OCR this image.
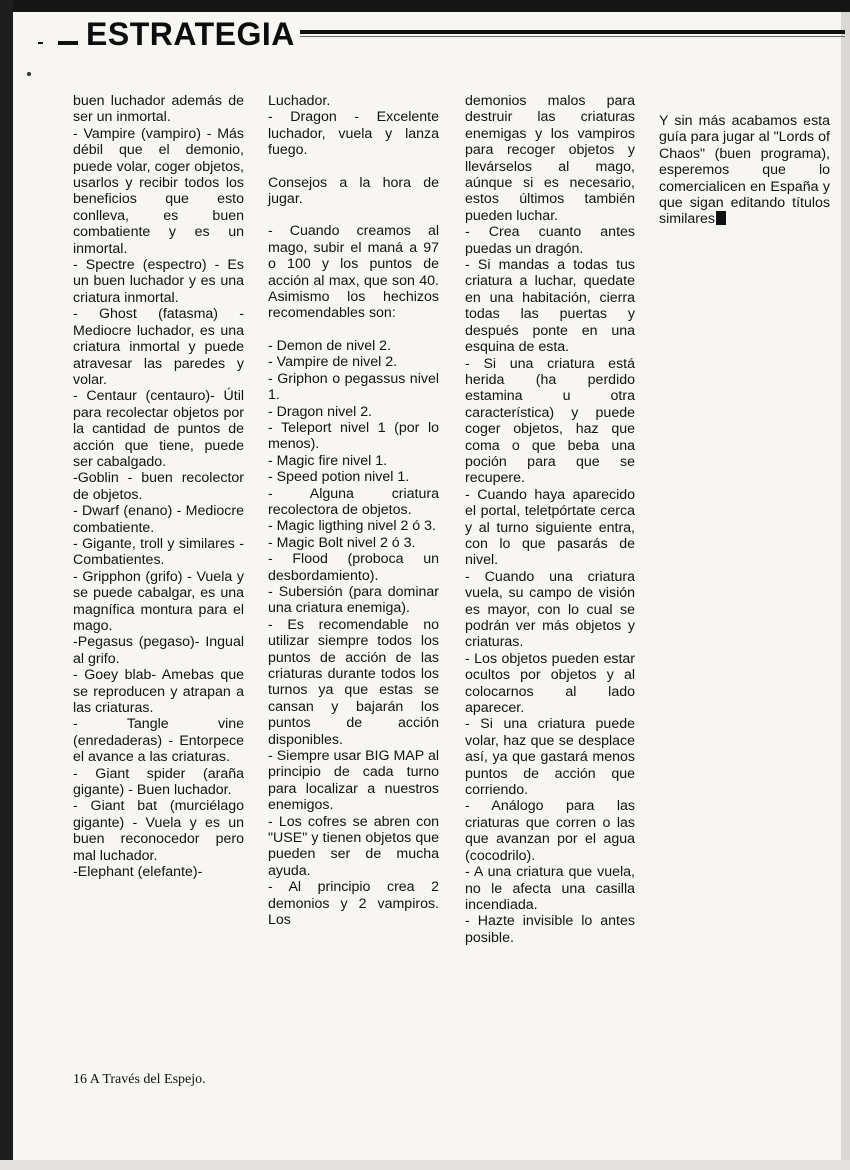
ESTRATEGIA

buen luchador además de ser un inmortal.

- Vampire (vampiro) - Más débil que el demonio, puede volar, coger objetos, usarlos y recibir todos los beneficios que esto conlleva, es buen combatiente y es un inmortal.

- Spectre (espectro) - Es un buen luchador y es una criatura inmortal.

- Ghost (fatasma) - Mediocre luchador, es una criatura inmortal y puede atravesar las paredes y volar.

- Centaur (centauro)- Útil para recolectar objetos por la cantidad de puntos de acción que tiene, puede ser cabalgado.

-Goblin - buen recolector de objetos.

- Dwarf (enano) - Mediocre combatiente.

- Gigante, troll y similares - Combatientes.

- Gripphon (grifo) - Vuela y se puede cabalgar, es una magnífica montura para el mago.

-Pegasus (pegaso)- Ingual al grifo.

- Goey blab- Amebas que se reproducen y atrapan a las criaturas.

- Tangle vine (enredaderas) - Entorpece el avance a las criaturas.

- Giant spider (araña gigante) - Buen luchador.

- Giant bat (murciélago gigante) - Vuela y es un buen reconocedor pero mal luchador.

-Elephant (elefante)-

Luchador.

- Dragon - Excelente luchador, vuela y lanza fuego.

Consejos a la hora de jugar.

- Cuando creamos al mago, subir el maná a 97 o 100 y los puntos de acción al max, que son 40. Asimismo los hechizos recomendables son:

- Demon de nivel 2.

- Vampire de nivel 2.

- Griphon o pegassus nivel 1.

- Dragon nivel 2.

- Teleport nivel 1 (por lo menos).

- Magic fire nivel 1.

- Speed potion nivel 1.

- Alguna criatura recolectora de objetos.

- Magic ligthing nivel 2 ó 3.

- Magic Bolt nivel 2 ó 3.

- Flood (proboca un desbordamiento).

- Subersión (para dominar una criatura enemiga).

- Es recomendable no utilizar siempre todos los puntos de acción de las criaturas durante todos los turnos ya que estas se cansan y bajarán los puntos de acción disponibles.

- Siempre usar BIG MAP al principio de cada turno para localizar a nuestros enemigos.

- Los cofres se abren con "USE" y tienen objetos que pueden ser de mucha ayuda.

- Al principio crea 2 demonios y 2 vampiros. Los

demonios malos para destruir las criaturas enemigas y los vampiros para recoger objetos y llevárselos al mago, aúnque si es necesario, estos últimos también pueden luchar.

- Crea cuanto antes puedas un dragón.

- Si mandas a todas tus criatura a luchar, quedate en una habitación, cierra todas las puertas y después ponte en una esquina de esta.

- Si una criatura está herida (ha perdido estamina u otra característica) y puede coger objetos, haz que coma o que beba una poción para que se recupere.

- Cuando haya aparecido el portal, teletpórtate cerca y al turno siguiente entra, con lo que pasarás de nivel.

- Cuando una criatura vuela, su campo de visión es mayor, con lo cual se podrán ver más objetos y criaturas.

- Los objetos pueden estar ocultos por objetos y al colocarnos al lado aparecer.

- Si una criatura puede volar, haz que se desplace así, ya que gastará menos puntos de acción que corriendo.

- Análogo para las criaturas que corren o las que avanzan por el agua (cocodrilo).

- A una criatura que vuela, no le afecta una casilla incendiada.

- Hazte invisible lo antes posible.

Y sin más acabamos esta guía para jugar al "Lords of Chaos" (buen programa), esperemos que lo comercialicen en España y que sigan editando títulos similares

16 A Través del Espejo.
